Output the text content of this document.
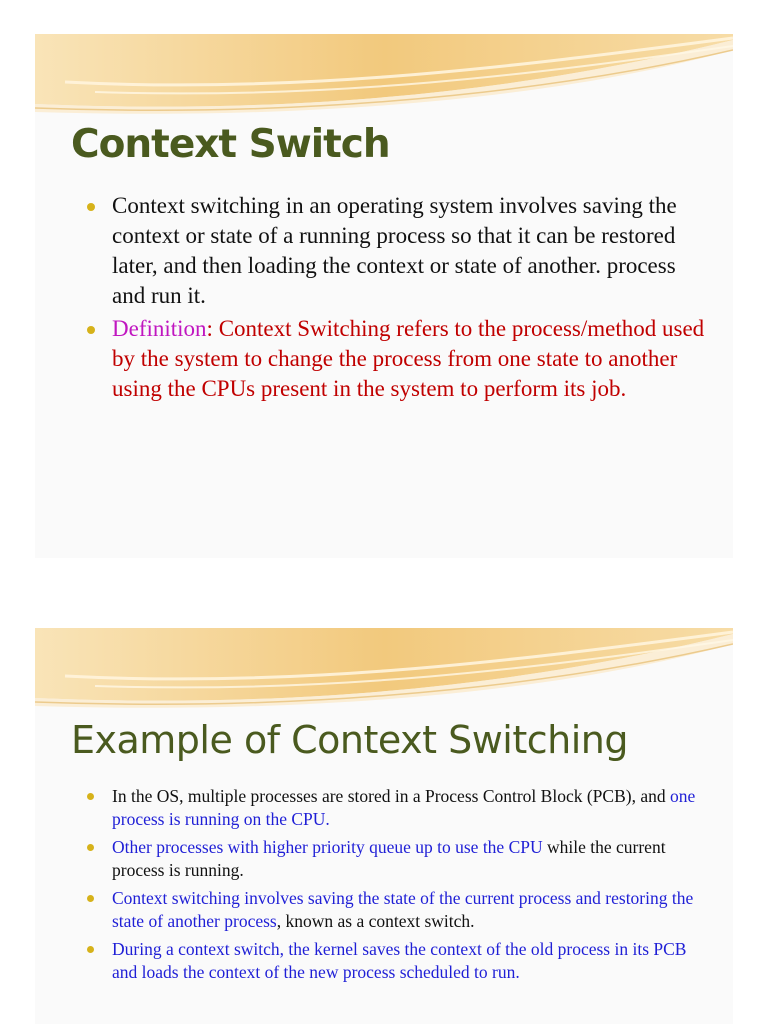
Context Switch
Context switching in an operating system involves saving the context or state of a running process so that it can be restored later, and then loading the context or state of another. process and run it.
Definition: Context Switching refers to the process/method used by the system to change the process from one state to another using the CPUs present in the system to perform its job.
Example of Context Switching
In the OS, multiple processes are stored in a Process Control Block (PCB), and one process is running on the CPU.
Other processes with higher priority queue up to use the CPU while the current process is running.
Context switching involves saving the state of the current process and restoring the state of another process, known as a context switch.
During a context switch, the kernel saves the context of the old process in its PCB and loads the context of the new process scheduled to run.
